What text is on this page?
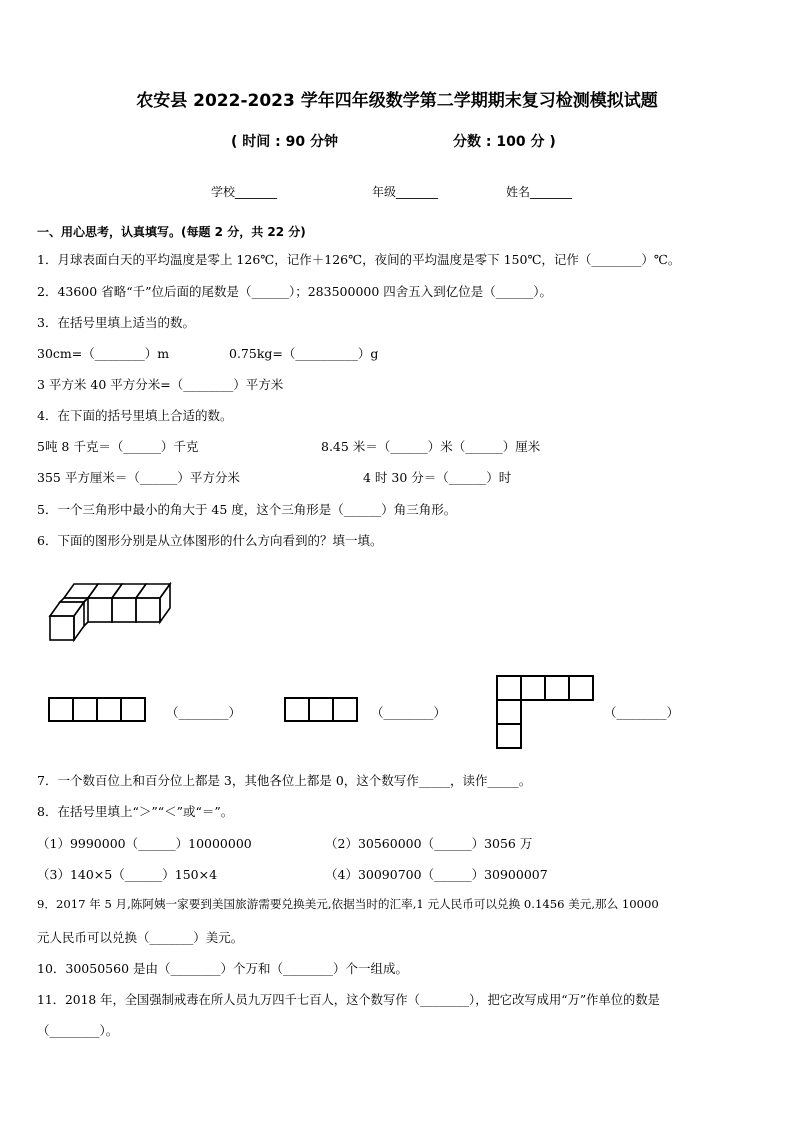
农安县 2022-2023 学年四年级数学第二学期期末复习检测模拟试题
( 时间 : 90 分钟	分数 : 100 分 )
学校_______	年级_______	姓名_______
一、用心思考，认真填写。(每题 2 分，共 22 分)
1．月球表面白天的平均温度是零上 126℃，记作＋126℃，夜间的平均温度是零下 150℃，记作（________）℃。
2．43600 省略“千”位后面的尾数是（______）；283500000 四舍五入到亿位是（______）。
3．在括号里填上适当的数。
30cm=（________）m	0.75kg=（__________）g
3 平方米 40 平方分米=（________）平方米
4．在下面的括号里填上合适的数。
5吨 8 千克＝（______）千克	8.45 米＝（______）米（______）厘米
355 平方厘米＝（______）平方分米	4 时 30 分＝（______）时
5．一个三角形中最小的角大于 45 度，这个三角形是（______）角三角形。
6．下面的图形分别是从立体图形的什么方向看到的？填一填。
（________）	（________）	（________）
7．一个数百位上和百分位上都是 3，其他各位上都是 0，这个数写作_____，读作_____。
8．在括号里填上“＞”“＜”或“＝”。
（1）9990000（______）10000000	（2）30560000（______）3056 万
（3）140×5（______）150×4	（4）30090700（______）30900007
9．2017 年 5 月,陈阿姨一家要到美国旅游需要兑换美元,依据当时的汇率,1 元人民币可以兑换 0.1456 美元,那么 10000
元人民币可以兑换（_______）美元。
10．30050560 是由（________）个万和（________）个一组成。
11．2018 年，全国强制戒毒在所人员九万四千七百人，这个数写作（________），把它改写成用“万”作单位的数是
（________）。
